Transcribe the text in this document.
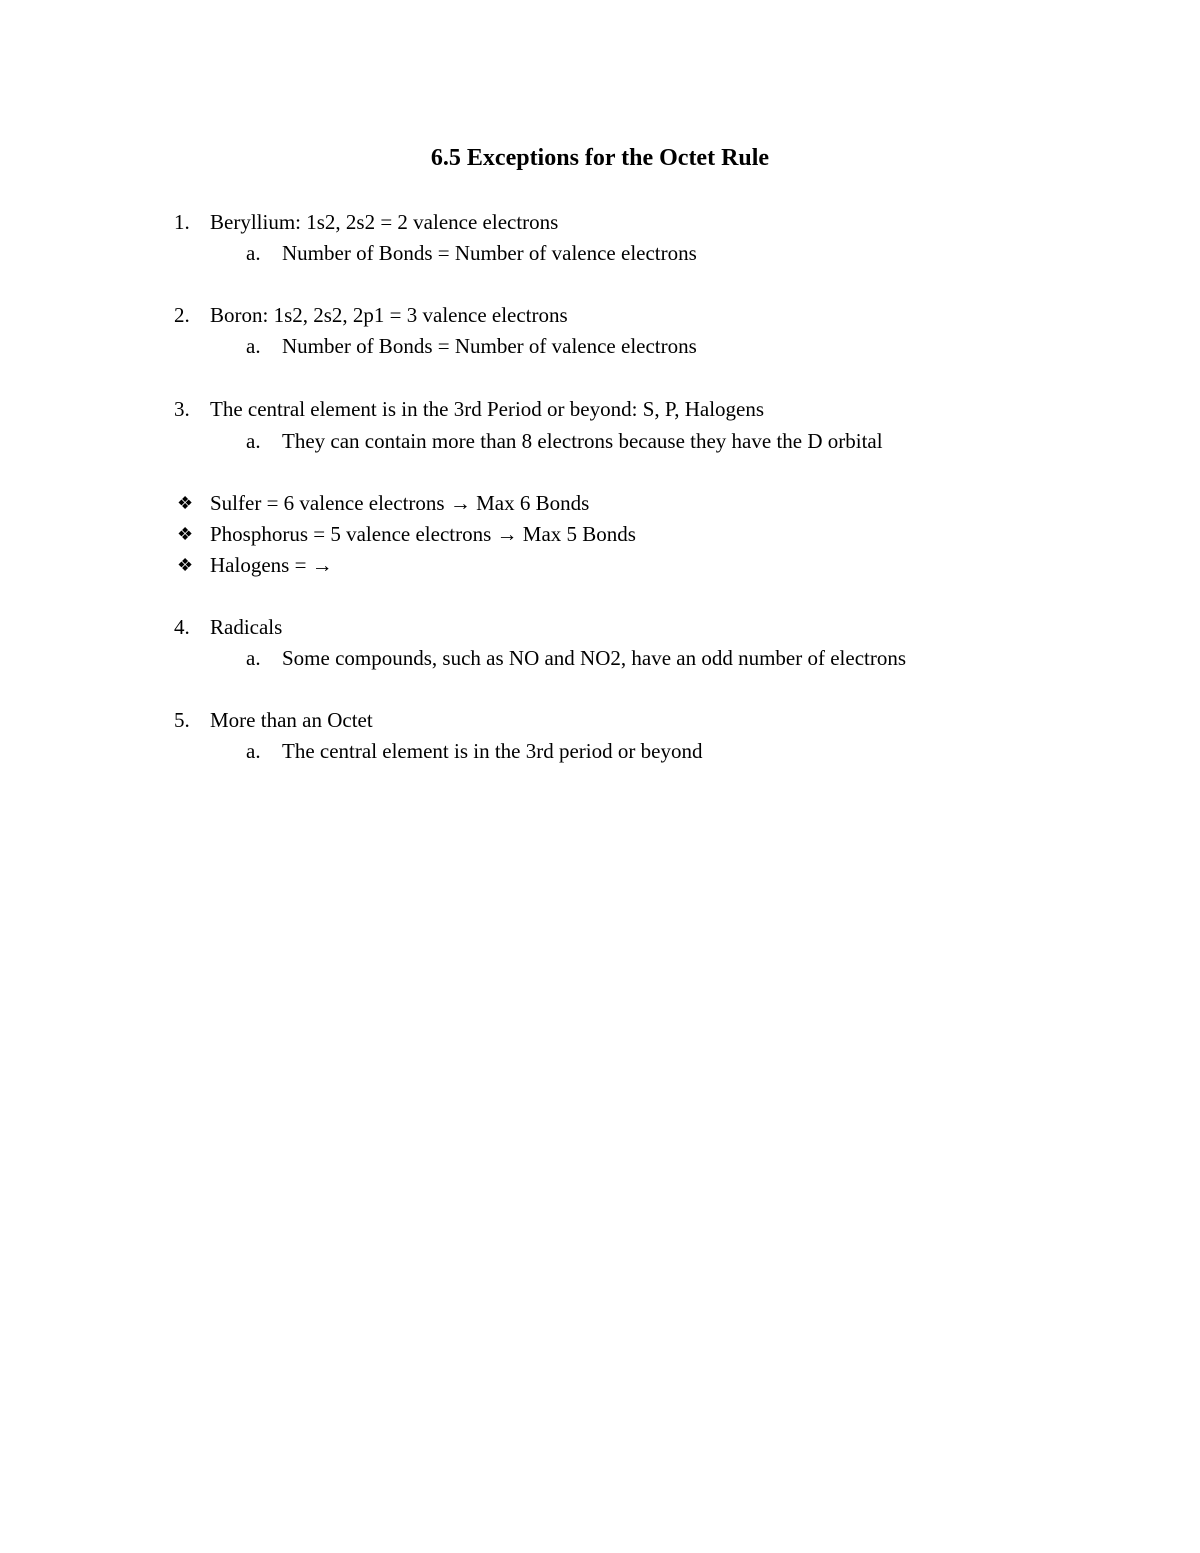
6.5 Exceptions for the Octet Rule
1. Beryllium: 1s2, 2s2 = 2 valence electrons
a. Number of Bonds = Number of valence electrons
2. Boron: 1s2, 2s2, 2p1 = 3 valence electrons
a. Number of Bonds = Number of valence electrons
3. The central element is in the 3rd Period or beyond: S, P, Halogens
a. They can contain more than 8 electrons because they have the D orbital
❖ Sulfer = 6 valence electrons → Max 6 Bonds
❖ Phosphorus = 5 valence electrons → Max 5 Bonds
❖ Halogens = →
4. Radicals
a. Some compounds, such as NO and NO2, have an odd number of electrons
5. More than an Octet
a. The central element is in the 3rd period or beyond
